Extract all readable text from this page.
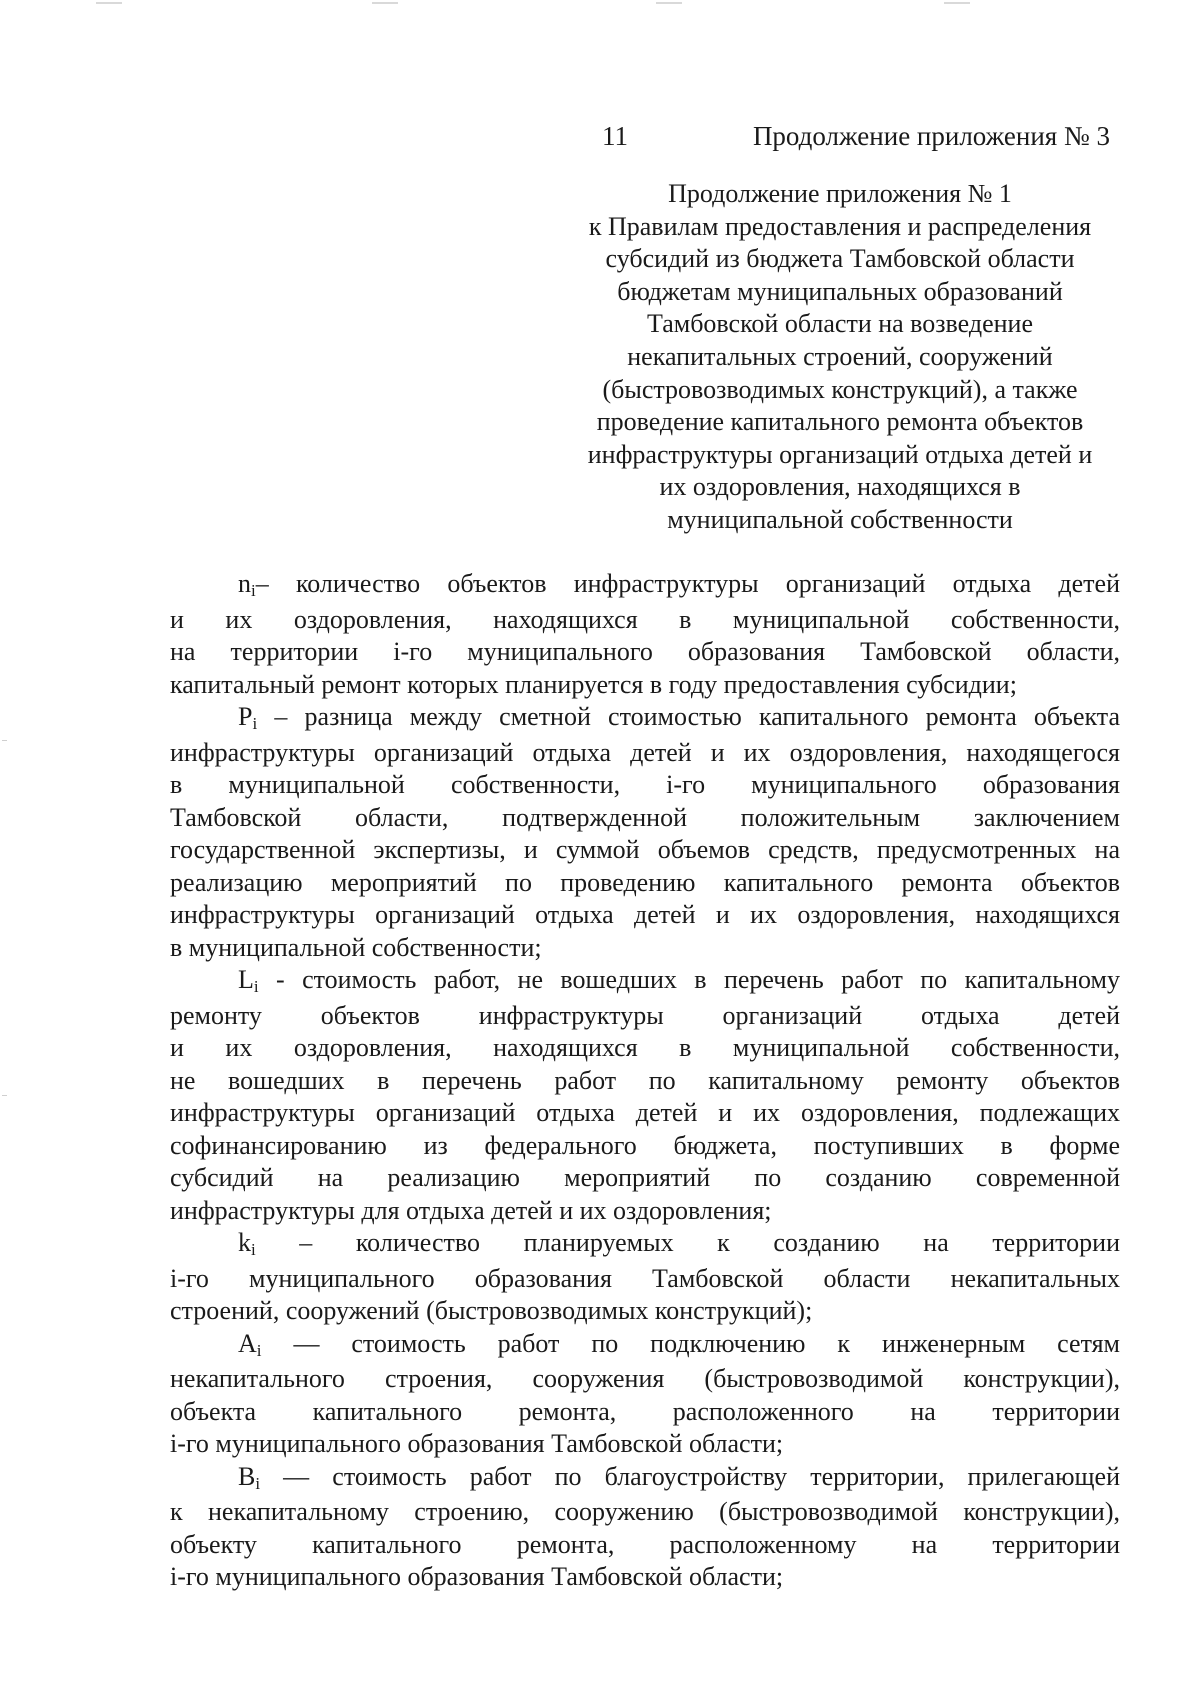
11	Продолжение приложения № 3
Продолжение приложения № 1
к Правилам предоставления и распределения
субсидий из бюджета Тамбовской области
бюджетам муниципальных образований
Тамбовской области на возведение
некапитальных строений, сооружений
(быстровозводимых конструкций), а также
проведение капитального ремонта объектов
инфраструктуры организаций отдыха детей и
их оздоровления, находящихся в
муниципальной собственности
ni– количество объектов инфраструктуры организаций отдыха детей
и их оздоровления, находящихся в муниципальной собственности,
на территории i-го муниципального образования Тамбовской области,
капитальный ремонт которых планируется в году предоставления субсидии;
Pi – разница между сметной стоимостью капитального ремонта объекта
инфраструктуры организаций отдыха детей и их оздоровления, находящегося
в муниципальной собственности, i-го муниципального образования
Тамбовской области, подтвержденной положительным заключением
государственной экспертизы, и суммой объемов средств, предусмотренных на
реализацию мероприятий по проведению капитального ремонта объектов
инфраструктуры организаций отдыха детей и их оздоровления, находящихся
в муниципальной собственности;
Li - стоимость работ, не вошедших в перечень работ по капитальному
ремонту объектов инфраструктуры организаций отдыха детей
и их оздоровления, находящихся в муниципальной собственности,
не вошедших в перечень работ по капитальному ремонту объектов
инфраструктуры организаций отдыха детей и их оздоровления, подлежащих
софинансированию из федерального бюджета, поступивших в форме
субсидий на реализацию мероприятий по созданию современной
инфраструктуры для отдыха детей и их оздоровления;
ki – количество планируемых к созданию на территории
i-го муниципального образования Тамбовской области некапитальных
строений, сооружений (быстровозводимых конструкций);
Ai — стоимость работ по подключению к инженерным сетям
некапитального строения, сооружения (быстровозводимой конструкции),
объекта капитального ремонта, расположенного на территории
i-го муниципального образования Тамбовской области;
Bi — стоимость работ по благоустройству территории, прилегающей
к некапитальному строению, сооружению (быстровозводимой конструкции),
объекту капитального ремонта, расположенному на территории
i-го муниципального образования Тамбовской области;
